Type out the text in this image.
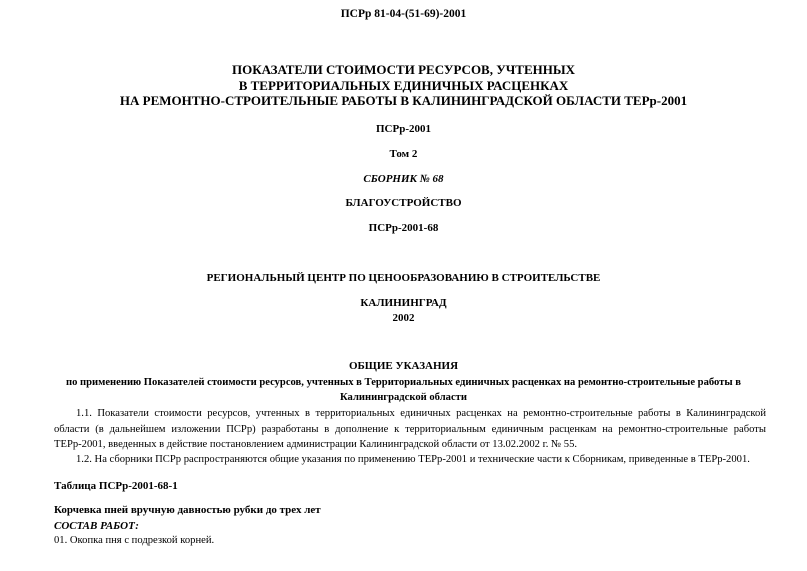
ПСРр 81-04-(51-69)-2001
ПОКАЗАТЕЛИ СТОИМОСТИ РЕСУРСОВ, УЧТЕННЫХ
В ТЕРРИТОРИАЛЬНЫХ ЕДИНИЧНЫХ РАСЦЕНКАХ
НА РЕМОНТНО-СТРОИТЕЛЬНЫЕ РАБОТЫ В КАЛИНИНГРАДСКОЙ ОБЛАСТИ ТЕРр-2001
ПСРр-2001
Том 2
СБОРНИК № 68
БЛАГОУСТРОЙСТВО
ПСРр-2001-68
РЕГИОНАЛЬНЫЙ ЦЕНТР ПО ЦЕНООБРАЗОВАНИЮ В СТРОИТЕЛЬСТВЕ
КАЛИНИНГРАД
2002
ОБЩИЕ УКАЗАНИЯ
по применению Показателей стоимости ресурсов, учтенных в Территориальных единичных расценках на ремонтно-строительные работы в
Калининградской области
1.1. Показатели стоимости ресурсов, учтенных в территориальных единичных расценках на ремонтно-строительные работы в Калининградской области (в дальнейшем изложении ПСРр) разработаны в дополнение к территориальным единичным расценкам на ремонтно-строительные работы ТЕРр-2001, введенных в действие постановлением администрации Калининградской области от 13.02.2002 г. № 55.
1.2. На сборники ПСРр распространяются общие указания по применению ТЕРр-2001 и технические части к Сборникам, приведенные в ТЕРр-2001.
Таблица ПСРр-2001-68-1
Корчевка пней вручную давностью рубки до трех лет
СОСТАВ РАБОТ:
01. Окопка пня с подрезкой корней.
